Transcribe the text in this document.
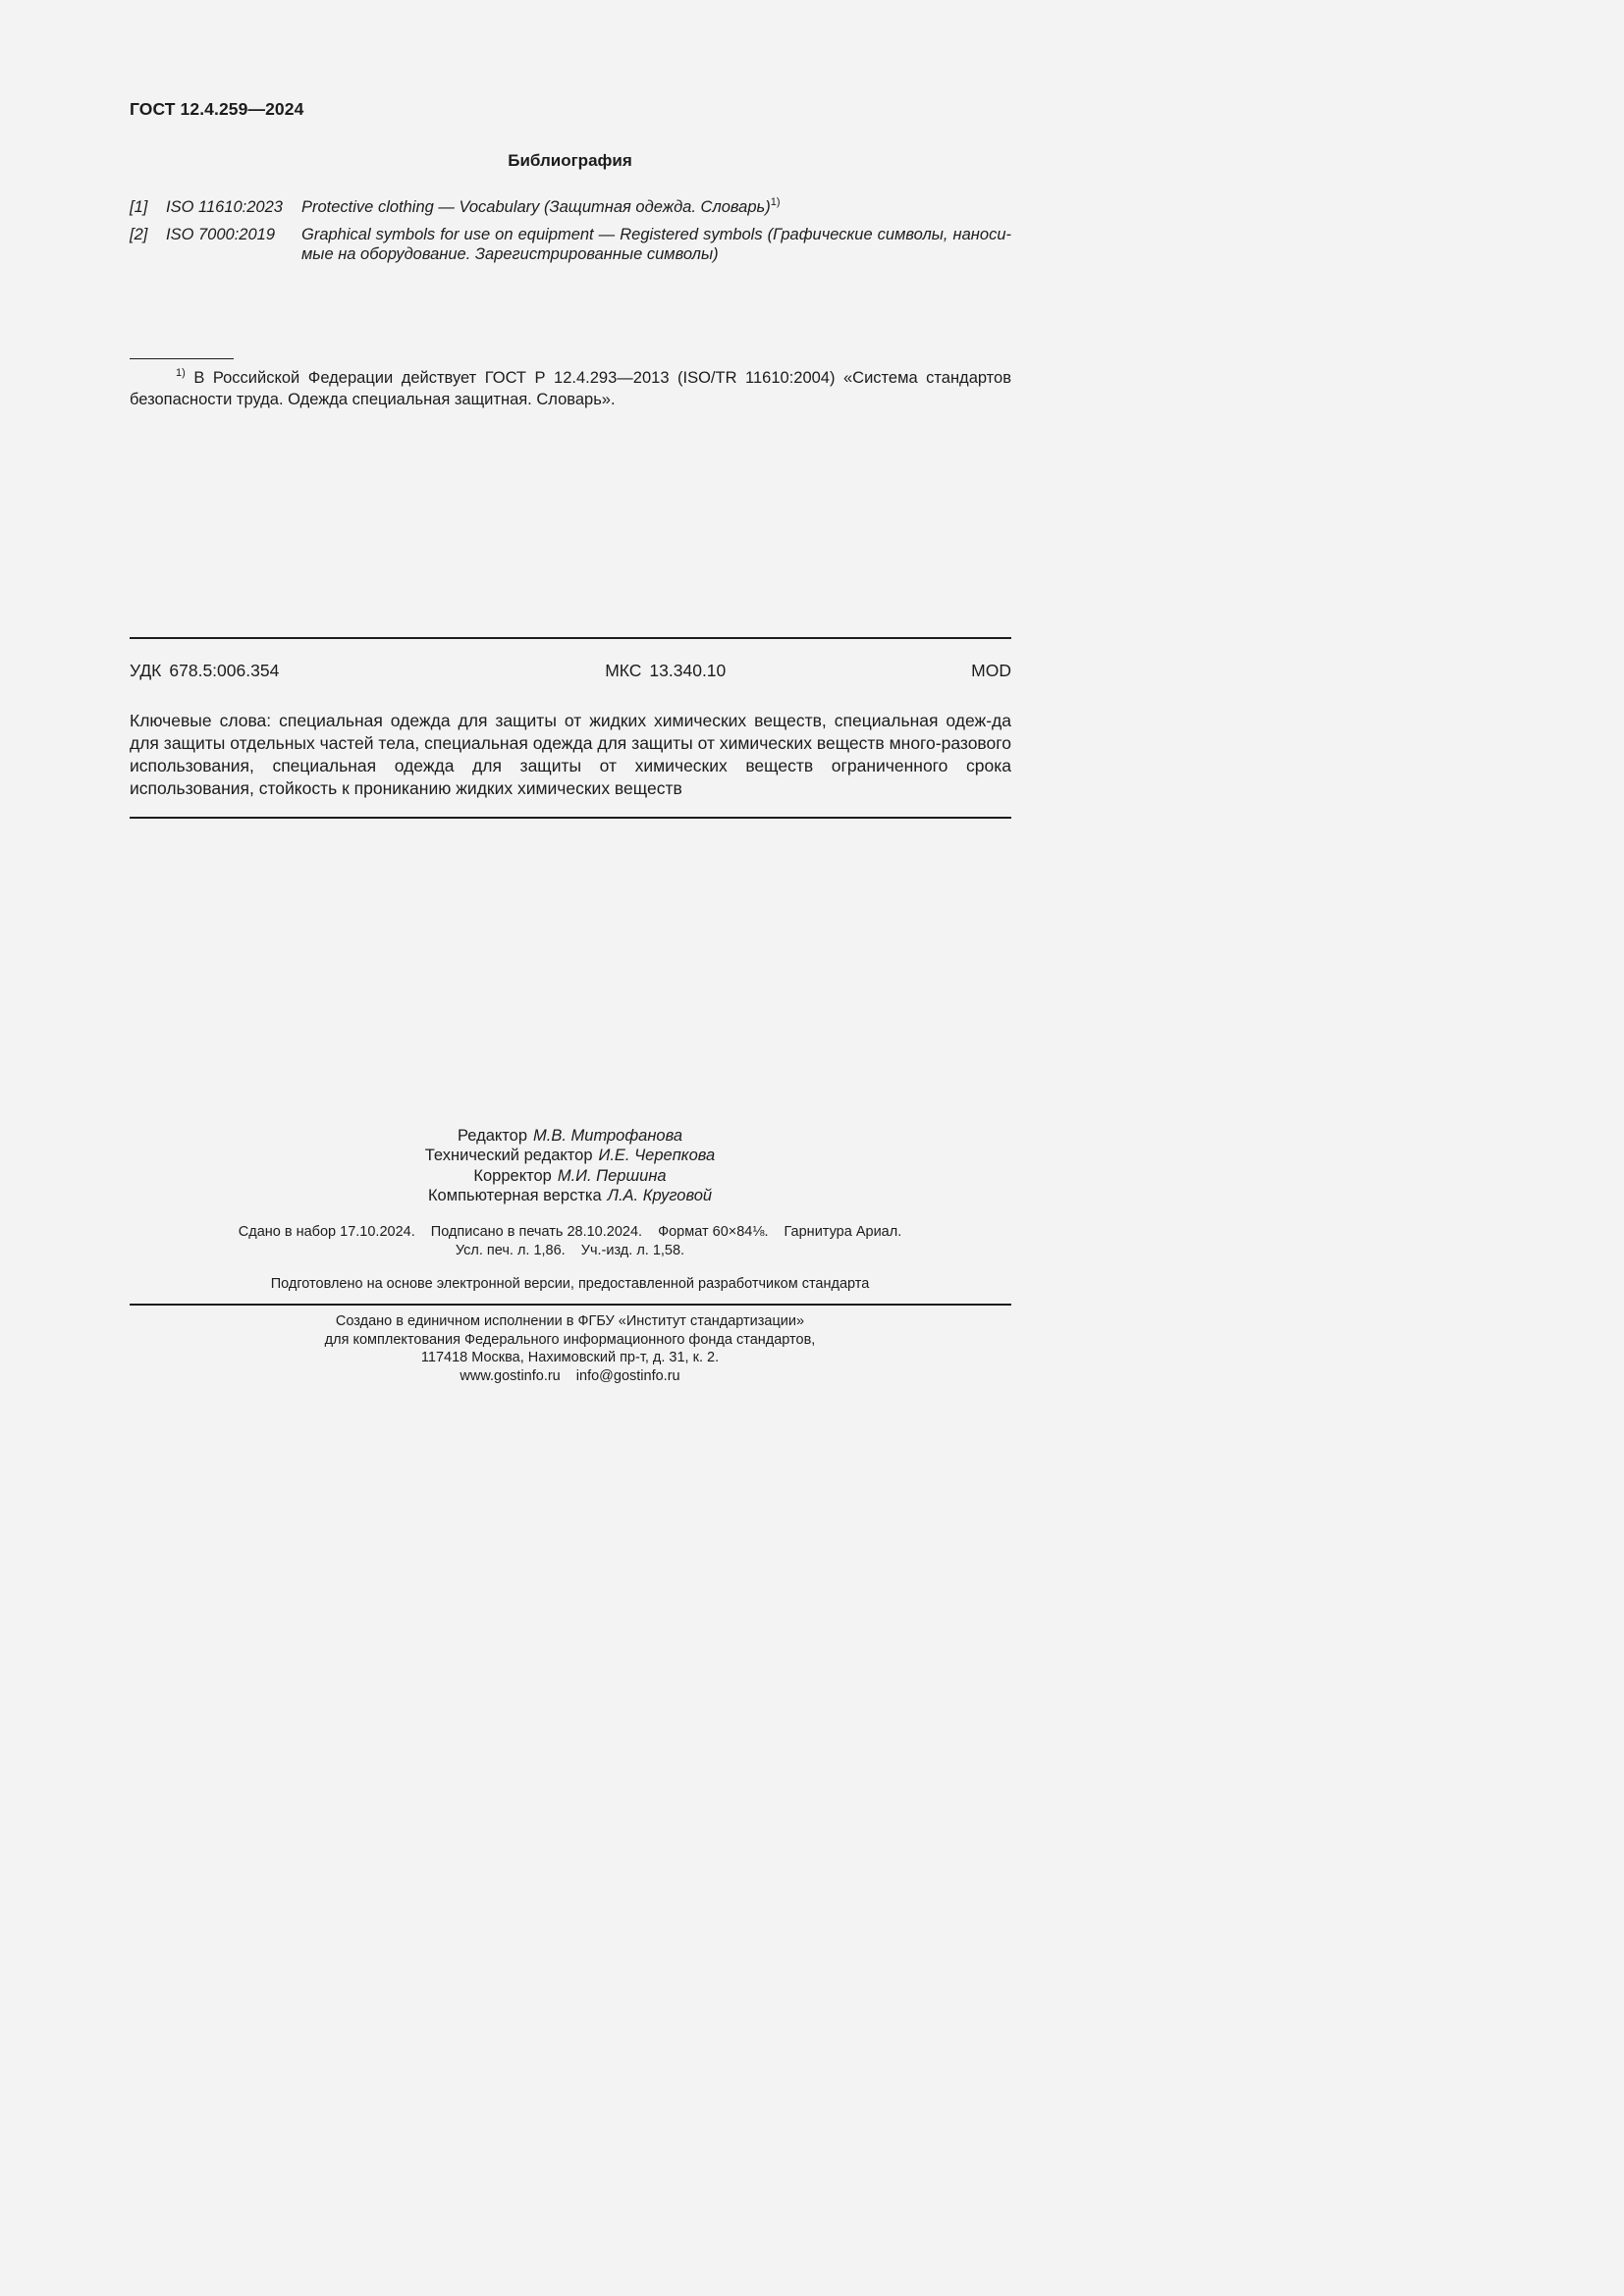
ГОСТ 12.4.259—2024
Библиография
[1]	ISO 11610:2023	Protective clothing — Vocabulary (Защитная одежда. Словарь)$^{1)}$
[2]	ISO 7000:2019	Graphical symbols for use on equipment — Registered symbols (Графические символы, наноси-мые на оборудование. Зарегистрированные символы)
$^{1)}$ В Российской Федерации действует ГОСТ Р 12.4.293—2013 (ISO/TR 11610:2004) «Система стандартов безопасности труда. Одежда специальная защитная. Словарь».
УДК 678.5:006.354	МКС 13.340.10	MOD
Ключевые слова: специальная одежда для защиты от жидких химических веществ, специальная одеж-да для защиты отдельных частей тела, специальная одежда для защиты от химических веществ много-разового использования, специальная одежда для защиты от химических веществ ограниченного срока использования, стойкость к прониканию жидких химических веществ
Редактор М.В. Митрофанова
Технический редактор И.Е. Черепкова
Корректор М.И. Першина
Компьютерная верстка Л.А. Круговой
Сдано в набор 17.10.2024. Подписано в печать 28.10.2024. Формат 60×84⅛. Гарнитура Ариал.
Усл. печ. л. 1,86. Уч.-изд. л. 1,58.
Подготовлено на основе электронной версии, предоставленной разработчиком стандарта
Создано в единичном исполнении в ФГБУ «Институт стандартизации»
для комплектования Федерального информационного фонда стандартов,
117418 Москва, Нахимовский пр-т, д. 31, к. 2.
www.gostinfo.ru info@gostinfo.ru
